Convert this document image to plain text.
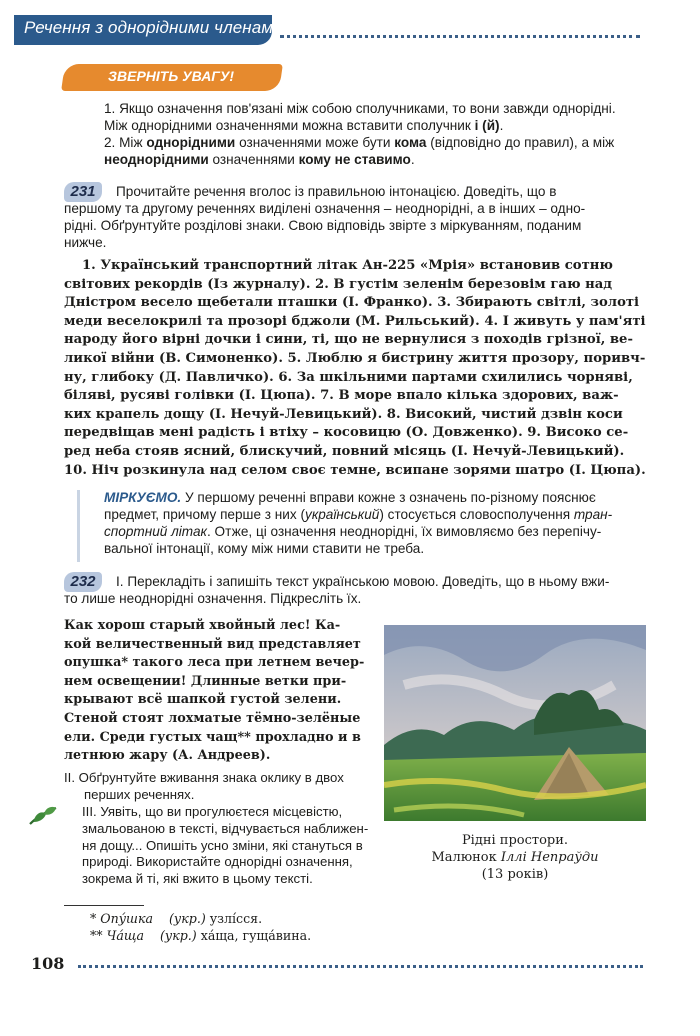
Речення з однорідними членами
ЗВЕРНІТЬ УВАГУ!

1. Якщо означення пов'язані між собою сполучниками, то вони завжди однорідні.

Між однорідними означеннями можна вставити сполучник і (й).

2. Між однорідними означеннями може бути кома (відповідно до правил), а між

неоднорідними означеннями кому не ставимо.

231	Прочитайте речення вголос із правильною інтонацією. Доведіть, що в

першому та другому реченнях виділені означення – неоднорідні, а в інших – одно-

рідні. Обґрунтуйте розділові знаки. Свою відповідь звірте з міркуванням, поданим

нижче.

1. Український транспортний літак Ан-225 «Мрія» встановив сотню

світових рекордів (Із журналу). 2. В густім зеленім березовім гаю над

Дністром весело щебетали пташки (І. Франко). 3. Збирають світлі, золоті

меди веселокрилі та прозорі бджоли (М. Рильський). 4. І живуть у пам'яті

народу його вірні дочки і сини, ті, що не вернулися з походів грізної, ве-

ликої війни (В. Симоненко). 5. Люблю я бистрину життя прозору, поривч-

ну, глибоку (Д. Павличко). 6. За шкільними партами схилились чорняві,

біляві, русяві голівки (І. Цюпа). 7. В море впало кілька здорових, важ-

ких крапель дощу (І. Нечуй-Левицький). 8. Високий, чистий дзвін коси

передвіщав мені радість і втіху – косовицю (О. Довженко). 9. Високо се-

ред неба стояв ясний, блискучий, повний місяць (І. Нечуй-Левицький).

10. Ніч розкинула над селом своє темне, всипане зорями шатро (І. Цюпа).

МІРКУЄМО. У першому реченні вправи кожне з означень по-різному пояснює

предмет, причому перше з них (український) стосується словосполучення тран-

спортний літак. Отже, ці означення неоднорідні, їх вимовляємо без перепічу-

вальної інтонації, кому між ними ставити не треба.

232	І. Перекладіть і запишіть текст українською мовою. Доведіть, що в ньому вжи-

то лише неоднорідні означення. Підкресліть їх.

Как хорош старый хвойный лес! Ка-

кой величественный вид представляет

опушка* такого леса при летнем вечер-

нем освещении! Длинные ветки при-

крывают всё шапкой густой зелени.

Стеной стоят лохматые тёмно-зелёные

ели. Среди густых чащ** прохладно и в

летнюю жару (А. Андреев).

ІІ. Обґрунтуйте вживання знака оклику в двох

перших реченнях.

ІІІ. Уявіть, що ви прогулюєтеся місцевістю,

змальованою в тексті, відчувається наближен-

ня дощу... Опишіть усно зміни, які стануться в

природі. Використайте однорідні означення,

зокрема й ті, які вжито в цьому тексті.

Рідні простори.

Малюнок Іллі Непраўди

(13 років)

* Опу́шка (укр.) узлі́сся.

** Ча́ща (укр.) ха́ща, гуща́вина.

108
